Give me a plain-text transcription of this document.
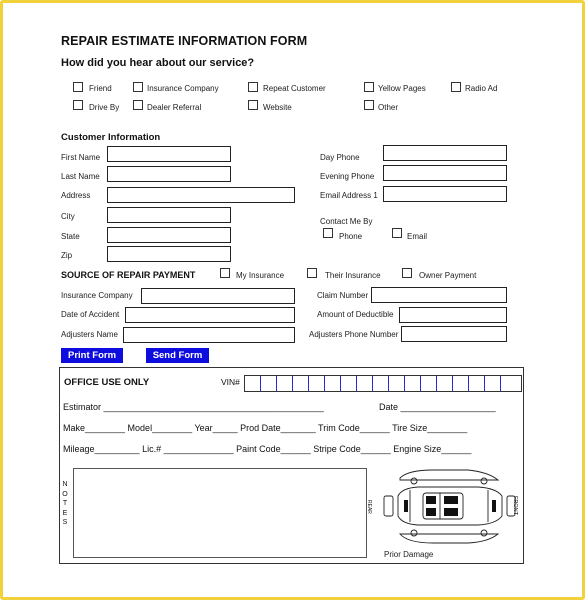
REPAIR ESTIMATE INFORMATION FORM
How did you hear about our service?
Friend	Insurance Company	Repeat Customer	Yellow Pages	Radio Ad
Drive By	Dealer Referral	Website	Other
Customer Information
First Name
Last Name
Address
City
State
Zip
Day Phone
Evening Phone
Email Address 1
Contact Me By
Phone	Email
SOURCE OF REPAIR PAYMENT	My Insurance	Their Insurance	Owner Payment
Insurance Company
Date of Accident
Adjusters Name
Claim Number
Amount of Deductible
Adjusters Phone Number
Print Form	Send Form
OFFICE USE ONLY	VIN#
Estimator ____________________________________________	Date ___________________
Make________ Model________ Year_____ Prod Date_______ Trim Code______ Tire Size________
Mileage_________ Lic.# ______________ Paint Code______ Stripe Code______ Engine Size______
NOTES
REAR	FRONT
Prior Damage
